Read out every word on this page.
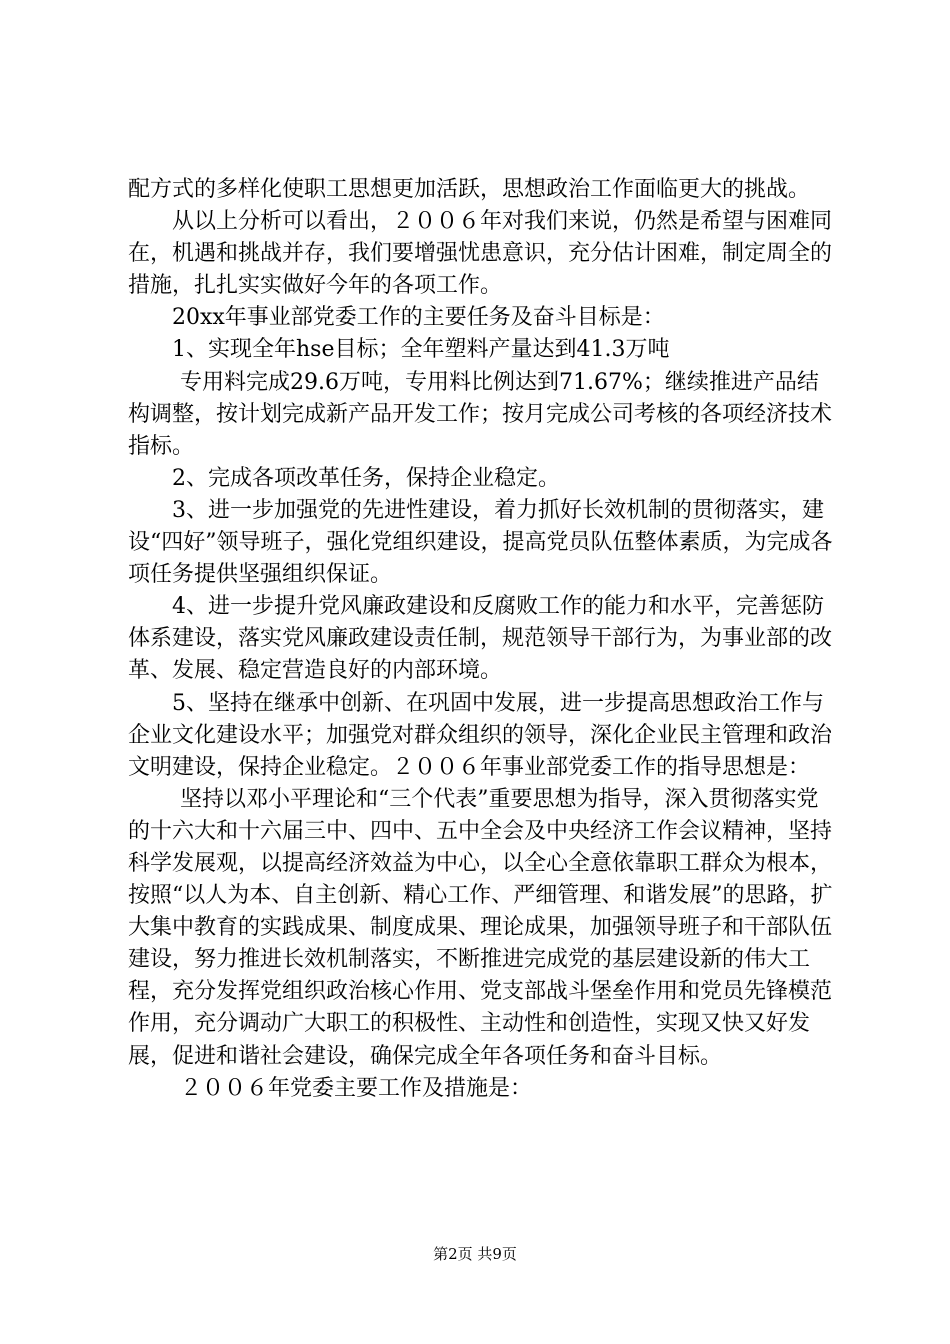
配方式的多样化使职工思想更加活跃，思想政治工作面临更大的挑战。

从以上分析可以看出，２００６年对我们来说，仍然是希望与困难同在，机遇和挑战并存，我们要增强忧患意识，充分估计困难，制定周全的措施，扎扎实实做好今年的各项工作。

20xx年事业部党委工作的主要任务及奋斗目标是：

1、实现全年hse目标；全年塑料产量达到41.3万吨

专用料完成29.6万吨，专用料比例达到71.67%；继续推进产品结构调整，按计划完成新产品开发工作；按月完成公司考核的各项经济技术指标。

2、完成各项改革任务，保持企业稳定。

3、进一步加强党的先进性建设，着力抓好长效机制的贯彻落实，建设“四好”领导班子，强化党组织建设，提高党员队伍整体素质，为完成各项任务提供坚强组织保证。

4、进一步提升党风廉政建设和反腐败工作的能力和水平，完善惩防体系建设，落实党风廉政建设责任制，规范领导干部行为，为事业部的改革、发展、稳定营造良好的内部环境。

5、坚持在继承中创新、在巩固中发展，进一步提高思想政治工作与企业文化建设水平；加强党对群众组织的领导，深化企业民主管理和政治文明建设，保持企业稳定。２００６年事业部党委工作的指导思想是：

坚持以邓小平理论和“三个代表”重要思想为指导，深入贯彻落实党的十六大和十六届三中、四中、五中全会及中央经济工作会议精神，坚持科学发展观，以提高经济效益为中心，以全心全意依靠职工群众为根本，按照“以人为本、自主创新、精心工作、严细管理、和谐发展”的思路，扩大集中教育的实践成果、制度成果、理论成果，加强领导班子和干部队伍建设，努力推进长效机制落实，不断推进完成党的基层建设新的伟大工程，充分发挥党组织政治核心作用、党支部战斗堡垒作用和党员先锋模范作用，充分调动广大职工的积极性、主动性和创造性，实现又快又好发展，促进和谐社会建设，确保完成全年各项任务和奋斗目标。

２００６年党委主要工作及措施是：

第2页 共9页
